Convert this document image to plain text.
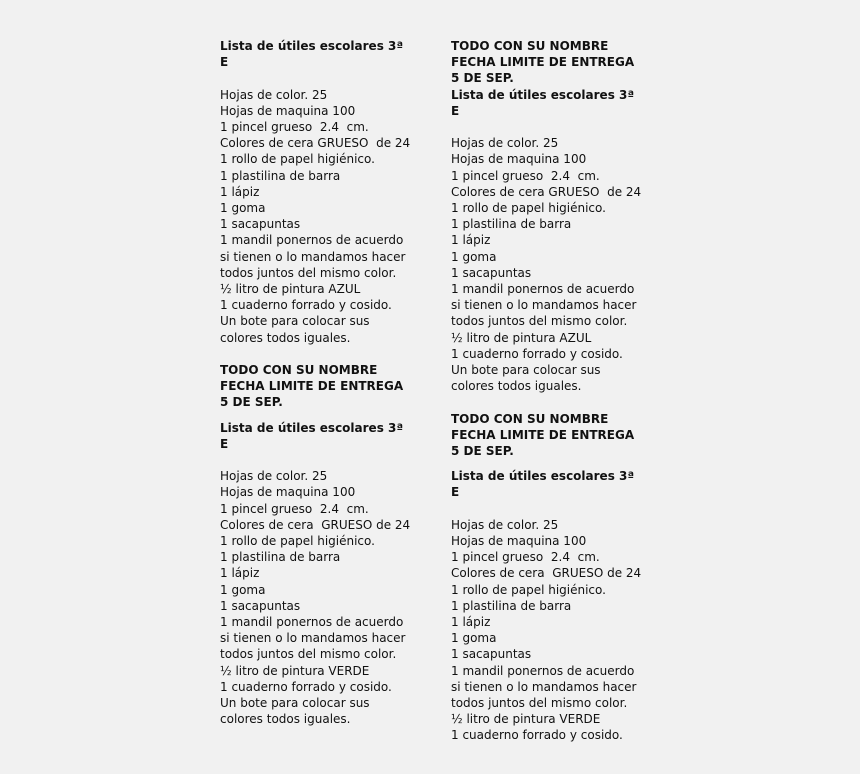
Lista de útiles escolares 3ª
E
Hojas de color. 25
Hojas de maquina 100
1 pincel grueso  2.4  cm.
Colores de cera GRUESO  de 24
1 rollo de papel higiénico.
1 plastilina de barra
1 lápiz
1 goma
1 sacapuntas
1 mandil ponernos de acuerdo
si tienen o lo mandamos hacer
todos juntos del mismo color.
½ litro de pintura AZUL
1 cuaderno forrado y cosido.
Un bote para colocar sus
colores todos iguales.
TODO CON SU NOMBRE
FECHA LIMITE DE ENTREGA
5 DE SEP.
Lista de útiles escolares 3ª
E
Hojas de color. 25
Hojas de maquina 100
1 pincel grueso  2.4  cm.
Colores de cera  GRUESO de 24
1 rollo de papel higiénico.
1 plastilina de barra
1 lápiz
1 goma
1 sacapuntas
1 mandil ponernos de acuerdo
si tienen o lo mandamos hacer
todos juntos del mismo color.
½ litro de pintura VERDE
1 cuaderno forrado y cosido.
Un bote para colocar sus
colores todos iguales.
TODO CON SU NOMBRE
FECHA LIMITE DE ENTREGA
5 DE SEP.
Lista de útiles escolares 3ª
E
Hojas de color. 25
Hojas de maquina 100
1 pincel grueso  2.4  cm.
Colores de cera GRUESO  de 24
1 rollo de papel higiénico.
1 plastilina de barra
1 lápiz
1 goma
1 sacapuntas
1 mandil ponernos de acuerdo
si tienen o lo mandamos hacer
todos juntos del mismo color.
½ litro de pintura AZUL
1 cuaderno forrado y cosido.
Un bote para colocar sus
colores todos iguales.
TODO CON SU NOMBRE
FECHA LIMITE DE ENTREGA
5 DE SEP.
Lista de útiles escolares 3ª
E
Hojas de color. 25
Hojas de maquina 100
1 pincel grueso  2.4  cm.
Colores de cera  GRUESO de 24
1 rollo de papel higiénico.
1 plastilina de barra
1 lápiz
1 goma
1 sacapuntas
1 mandil ponernos de acuerdo
si tienen o lo mandamos hacer
todos juntos del mismo color.
½ litro de pintura VERDE
1 cuaderno forrado y cosido.
